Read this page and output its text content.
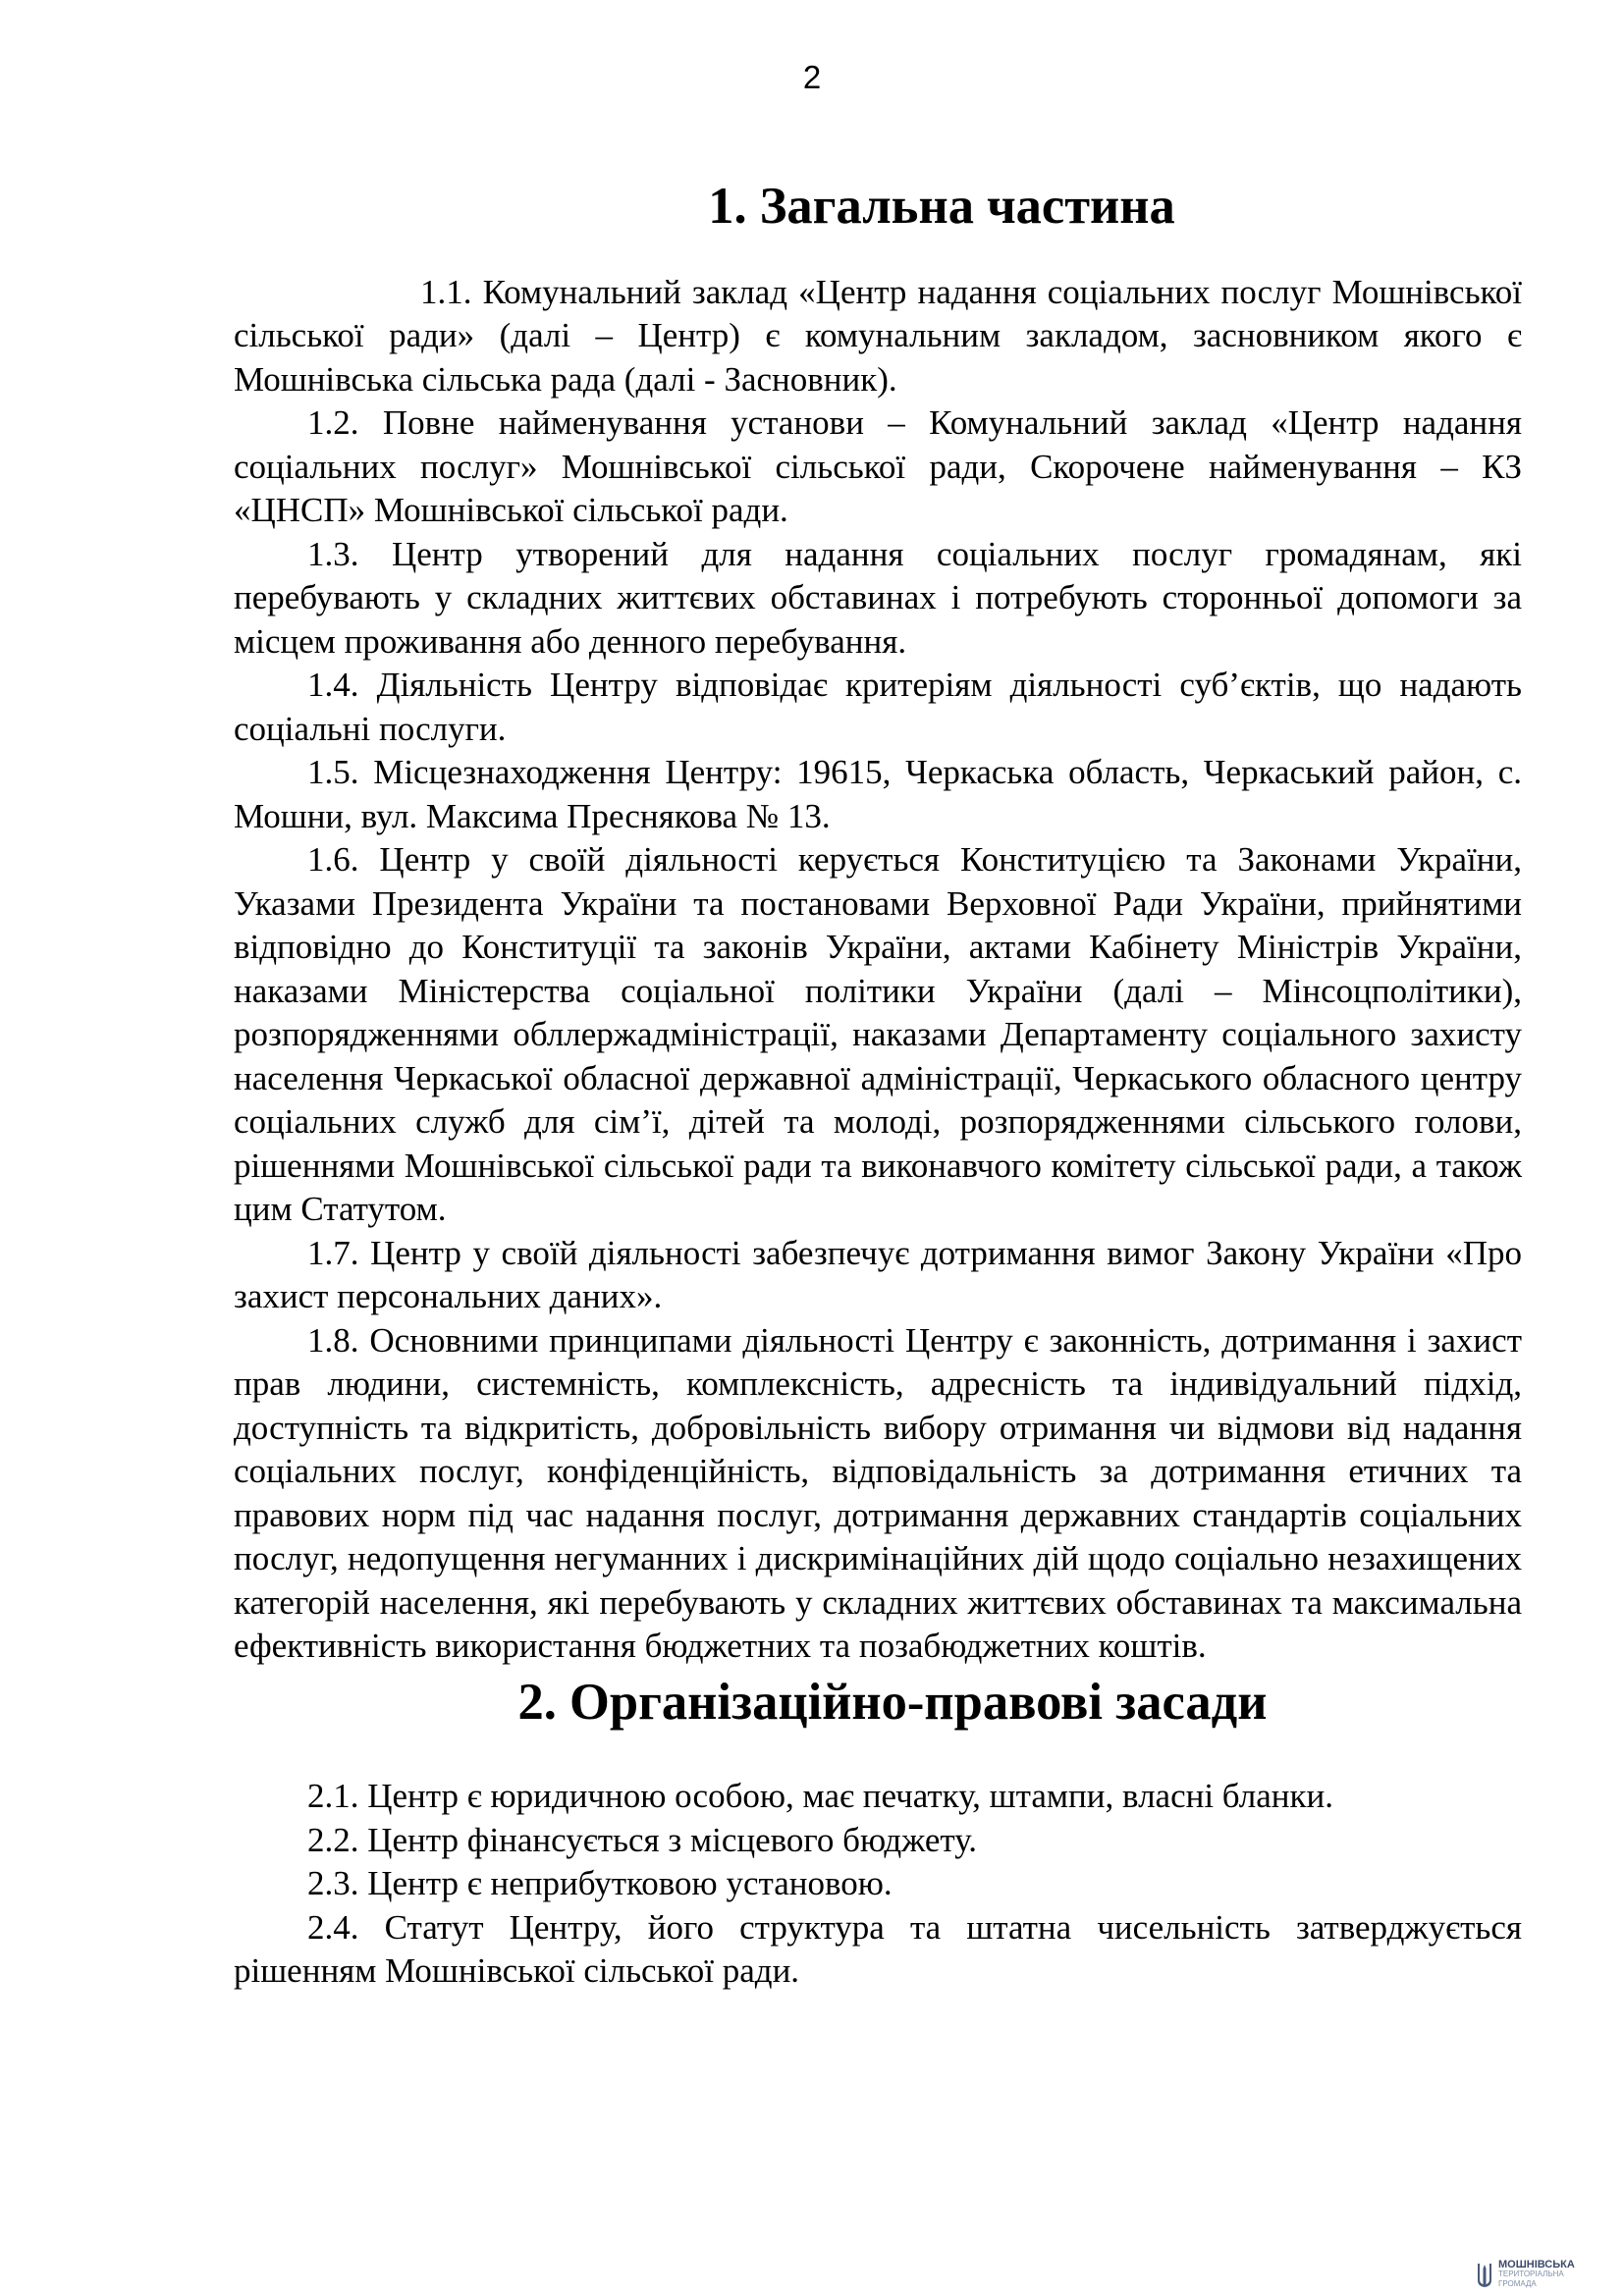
2
1. Загальна частина

1.1. Комунальний заклад «Центр надання соціальних послуг Мошнівської сільської ради» (далі – Центр) є комунальним закладом, засновником якого є Мошнівська сільська рада (далі - Засновник).

1.2. Повне найменування установи – Комунальний заклад «Центр надання соціальних послуг» Мошнівської сільської ради, Скорочене найменування – КЗ «ЦНСП» Мошнівської сільської ради.

1.3. Центр утворений для надання соціальних послуг громадянам, які перебувають у складних життєвих обставинах і потребують сторонньої допомоги за місцем проживання або денного перебування.

1.4. Діяльність Центру відповідає критеріям діяльності суб’єктів, що надають соціальні послуги.

1.5. Місцезнаходження Центру: 19615, Черкаська область, Черкаський район, с. Мошни, вул. Максима Преснякова № 13.

1.6. Центр у своїй діяльності керується Конституцією та Законами України, Указами Президента України та постановами Верховної Ради України, прийнятими відповідно до Конституції та законів України, актами Кабінету Міністрів України, наказами Міністерства соціальної політики України (далі – Мінсоцполітики), розпорядженнями обллержадміністрації, наказами Департаменту соціального захисту населення Черкаської обласної державної адміністрації, Черкаського обласного центру соціальних служб для сім’ї, дітей та молоді, розпорядженнями сільського голови, рішеннями Мошнівської сільської ради та виконавчого комітету сільської ради, а також цим Статутом.

1.7. Центр у своїй діяльності забезпечує дотримання вимог Закону України «Про захист персональних даних».

1.8. Основними принципами діяльності Центру є законність, дотримання і захист прав людини, системність, комплексність, адресність та індивідуальний підхід, доступність та відкритість, добровільність вибору отримання чи відмови від надання соціальних послуг, конфіденційність, відповідальність за дотримання етичних та правових норм під час надання послуг, дотримання державних стандартів соціальних послуг, недопущення негуманних і дискримінаційних дій щодо соціально незахищених категорій населення, які перебувають у складних життєвих обставинах та максимальна ефективність використання бюджетних та позабюджетних коштів.

2. Організаційно-правові засади

2.1. Центр є юридичною особою, має печатку, штампи, власні бланки.

2.2. Центр фінансується з місцевого бюджету.

2.3. Центр є неприбутковою установою.

2.4. Статут Центру, його структура та штатна чисельність затверджується рішенням Мошнівської сільської ради.

МОШНІВСЬКА
ТЕРИТОРІАЛЬНА
ГРОМАДА
